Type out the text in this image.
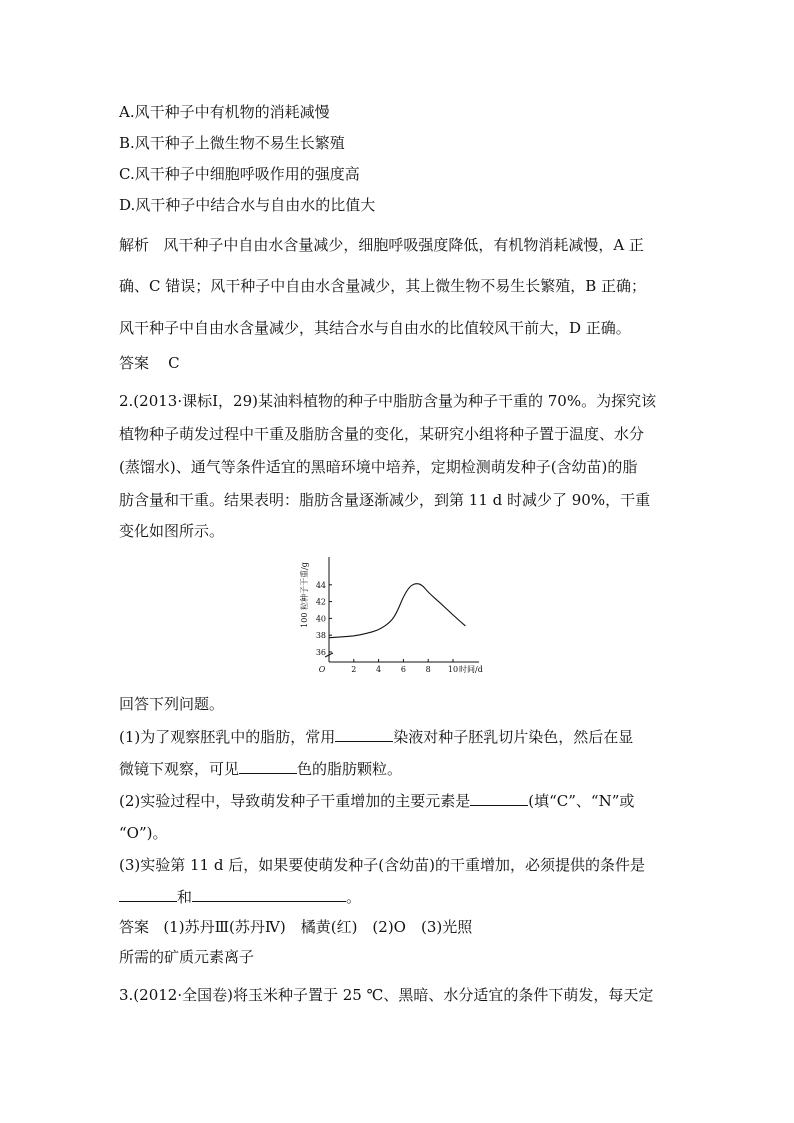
A.风干种子中有机物的消耗减慢
B.风干种子上微生物不易生长繁殖
C.风干种子中细胞呼吸作用的强度高
D.风干种子中结合水与自由水的比值大
解析 风干种子中自由水含量减少，细胞呼吸强度降低，有机物消耗减慢，A 正
确、C 错误；风干种子中自由水含量减少，其上微生物不易生长繁殖，B 正确；
风干种子中自由水含量减少，其结合水与自由水的比值较风干前大，D 正确。
答案 C
2.(2013·课标Ⅰ，29)某油料植物的种子中脂肪含量为种子干重的 70%。为探究该
植物种子萌发过程中干重及脂肪含量的变化，某研究小组将种子置于温度、水分
(蒸馏水)、通气等条件适宜的黑暗环境中培养，定期检测萌发种子(含幼苗)的脂
肪含量和干重。结果表明：脂肪含量逐渐减少，到第 11 d 时减少了 90%，干重
变化如图所示。
36
38
40
42
44
2 4 6 8 10
O	时间/d
100 粒种子干重/g
回答下列问题。
(1)为了观察胚乳中的脂肪，常用	染液对种子胚乳切片染色，然后在显
微镜下观察，可见	色的脂肪颗粒。
(2)实验过程中，导致萌发种子干重增加的主要元素是	(填“C”、“N”或
“O”)。
(3)实验第 11 d 后，如果要使萌发种子(含幼苗)的干重增加，必须提供的条件是
和	。
答案 (1)苏丹Ⅲ(苏丹Ⅳ)　橘黄(红)　(2)O　(3)光照
所需的矿质元素离子
3.(2012·全国卷)将玉米种子置于 25 ℃、黑暗、水分适宜的条件下萌发，每天定
